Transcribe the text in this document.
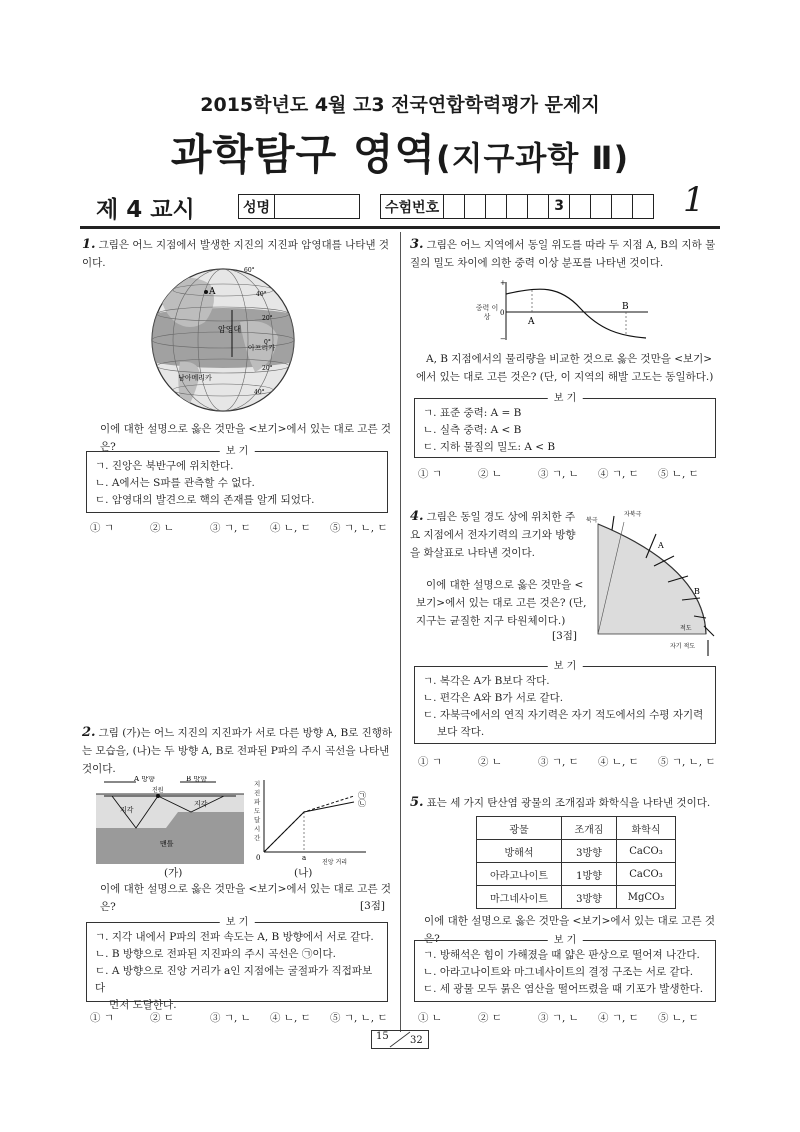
2015학년도 4월 고3 전국연합학력평가 문제지
과학탐구 영역(지구과학 Ⅱ)
제 4 교시	성명	수험번호	3	1
1. 그림은 어느 지점에서 발생한 지진의 지진파 암영대를 나타낸 것이다.
A
암영대
아프리카
남아메리카
60°
40°
20°
0°
20°
40°
이에 대한 설명으로 옳은 것만을 <보기>에서 있는 대로 고른 것은?	보 기
ㄱ. 진앙은 북반구에 위치한다.
ㄴ. A에서는 S파를 관측할 수 없다.
ㄷ. 암영대의 발견으로 핵의 존재를 알게 되었다.
① ㄱ	② ㄴ	③ ㄱ, ㄷ	④ ㄴ, ㄷ	⑤ ㄱ, ㄴ, ㄷ
2. 그림 (가)는 어느 지진의 지진파가 서로 다른 방향 A, B로 진행하는 모습을, (나)는 두 방향 A, B로 전파된 P파의 주시 곡선을 나타낸 것이다.
A 방향	B 방향
진원
지각
지각
맨틀
(가)
0	a
㉠
㉡
진앙 거리
지진파 도달 시간
(나)
이에 대한 설명으로 옳은 것만을 <보기>에서 있는 대로 고른 것은?	[3점]
보 기
ㄱ. 지각 내에서 P파의 전파 속도는 A, B 방향에서 서로 같다.
ㄴ. B 방향으로 전파된 지진파의 주시 곡선은 ㉠이다.
ㄷ. A 방향으로 진앙 거리가 a인 지점에는 굴절파가 직접파보다
먼저 도달한다.
① ㄱ	② ㄷ	③ ㄱ, ㄴ	④ ㄴ, ㄷ	⑤ ㄱ, ㄴ, ㄷ
3. 그림은 어느 지역에서 동일 위도를 따라 두 지점 A, B의 지하 물질의 밀도 차이에 의한 중력 이상 분포를 나타낸 것이다.
+
0
−
A
B
중력 이상
A, B 지점에서의 물리량을 비교한 것으로 옳은 것만을 <보기>에서 있는 대로 고른 것은? (단, 이 지역의 해발 고도는 동일하다.)
보 기
ㄱ. 표준 중력: A = B
ㄴ. 실측 중력: A < B
ㄷ. 지하 물질의 밀도: A < B
① ㄱ	② ㄴ	③ ㄱ, ㄴ	④ ㄱ, ㄷ	⑤ ㄴ, ㄷ
4. 그림은 동일 경도 상에 위치한 주요 지점에서 전자기력의 크기와 방향을 화살표로 나타낸 것이다.
이에 대한 설명으로 옳은 것만을 <보기>에서 있는 대로 고른 것은? (단, 지구는 균질한 지구 타원체이다.)
[3점]
북극
자북극
A
B
적도
자기 적도
보 기
ㄱ. 복각은 A가 B보다 작다.
ㄴ. 편각은 A와 B가 서로 같다.
ㄷ. 자북극에서의 연직 자기력은 자기 적도에서의 수평 자기력
보다 작다.
① ㄱ	② ㄴ	③ ㄱ, ㄷ	④ ㄴ, ㄷ	⑤ ㄱ, ㄴ, ㄷ
5. 표는 세 가지 탄산염 광물의 조개짐과 화학식을 나타낸 것이다.
광물	조개짐	화학식
방해석	3방향	CaCO₃
아라고나이트	1방향	CaCO₃
마그네사이트	3방향	MgCO₃
이에 대한 설명으로 옳은 것만을 <보기>에서 있는 대로 고른 것은?	보 기
ㄱ. 방해석은 힘이 가해졌을 때 얇은 판상으로 떨어져 나간다.
ㄴ. 아라고나이트와 마그네사이트의 결정 구조는 서로 같다.
ㄷ. 세 광물 모두 묽은 염산을 떨어뜨렸을 때 기포가 발생한다.
① ㄴ	② ㄷ	③ ㄱ, ㄴ	④ ㄱ, ㄷ	⑤ ㄴ, ㄷ
15 32
